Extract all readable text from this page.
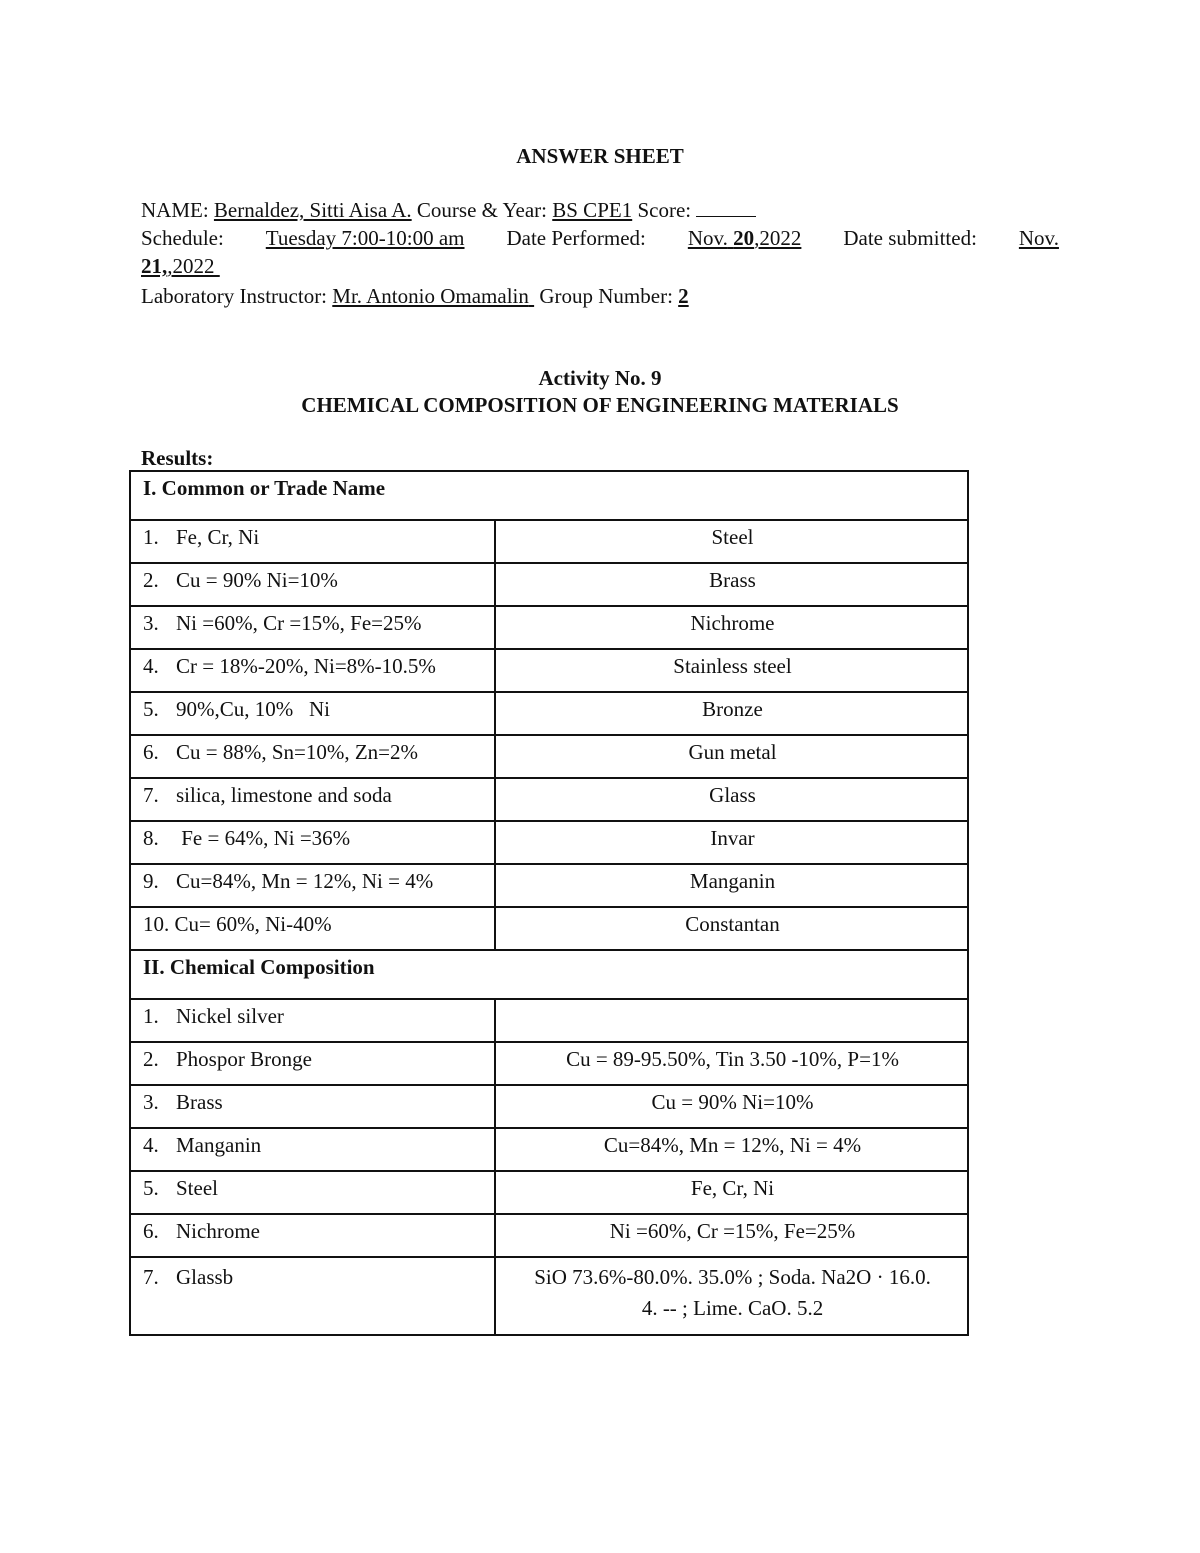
ANSWER SHEET
NAME: Bernaldez, Sitti Aisa A. Course & Year: BS CPE1 Score:
Schedule: Tuesday 7:00-10:00 am Date Performed: Nov. 20,2022 Date submitted: Nov.
21,,2022
Laboratory Instructor: Mr. Antonio Omamalin Group Number: 2
Activity No. 9
CHEMICAL COMPOSITION OF ENGINEERING MATERIALS
Results:
I. Common or Trade Name	
1. Fe, Cr, Ni	Steel
2. Cu = 90% Ni=10%	Brass
3. Ni =60%, Cr =15%, Fe=25%	Nichrome
4. Cr = 18%-20%, Ni=8%-10.5%	Stainless steel
5. 90%,Cu, 10%   Ni	Bronze
6. Cu = 88%, Sn=10%, Zn=2%	Gun metal
7. silica, limestone and soda	Glass
8. Fe = 64%, Ni =36%	Invar
9. Cu=84%, Mn = 12%, Ni = 4%	Manganin
10. Cu= 60%, Ni-40%	Constantan
II. Chemical Composition	
1. Nickel silver	
2. Phospor Bronge	Cu = 89-95.50%, Tin 3.50 -10%, P=1%
3. Brass	Cu = 90% Ni=10%
4. Manganin	Cu=84%, Mn = 12%, Ni = 4%
5. Steel	Fe, Cr, Ni
6. Nichrome	Ni =60%, Cr =15%, Fe=25%
7. Glassb	SiO 73.6%-80.0%. 35.0% ; Soda. Na2O · 16.0.
4. -- ; Lime. CaO. 5.2
